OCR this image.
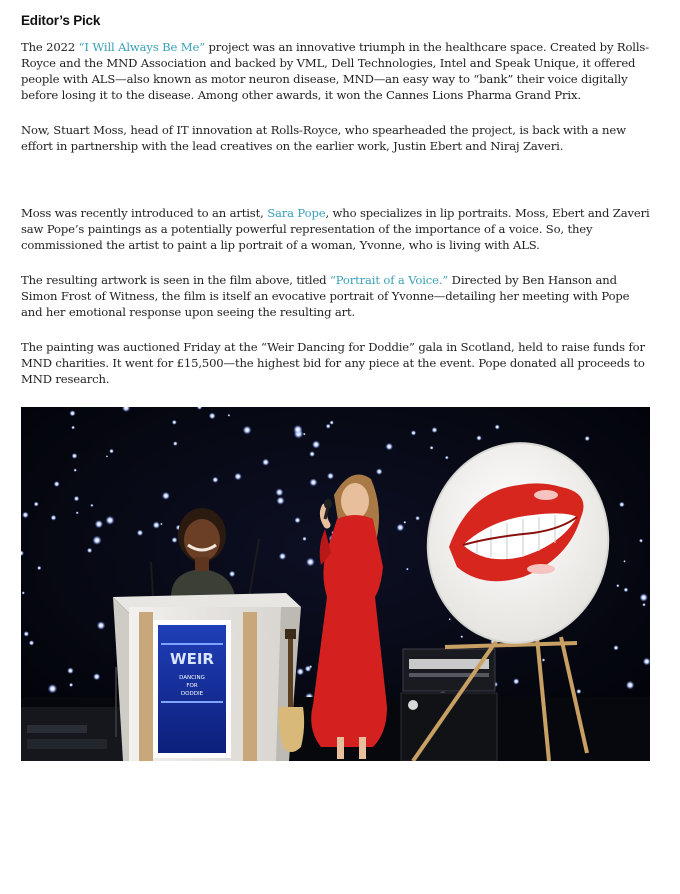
Editor’s Pick

The 2022 “I Will Always Be Me” project was an innovative triumph in the healthcare space. Created by Rolls-Royce and the MND Association and backed by VML, Dell Technologies, Intel and Speak Unique, it offered people with ALS—also known as motor neuron disease, MND—an easy way to “bank” their voice digitally before losing it to the disease. Among other awards, it won the Cannes Lions Pharma Grand Prix.

Now, Stuart Moss, head of IT innovation at Rolls-Royce, who spearheaded the project, is back with a new effort in partnership with the lead creatives on the earlier work, Justin Ebert and Niraj Zaveri.

Moss was recently introduced to an artist, Sara Pope, who specializes in lip portraits. Moss, Ebert and Zaveri saw Pope’s paintings as a potentially powerful representation of the importance of a voice. So, they commissioned the artist to paint a lip portrait of a woman, Yvonne, who is living with ALS.

The resulting artwork is seen in the film above, titled “Portrait of a Voice.” Directed by Ben Hanson and Simon Frost of Witness, the film is itself an evocative portrait of Yvonne—detailing her meeting with Pope and her emotional response upon seeing the resulting art.

The painting was auctioned Friday at the “Weir Dancing for Doddie” gala in Scotland, held to raise funds for MND charities. It went for £15,500—the highest bid for any piece at the event. Pope donated all proceeds to MND research.

WEIR
DANCING
FOR
DODDIE
